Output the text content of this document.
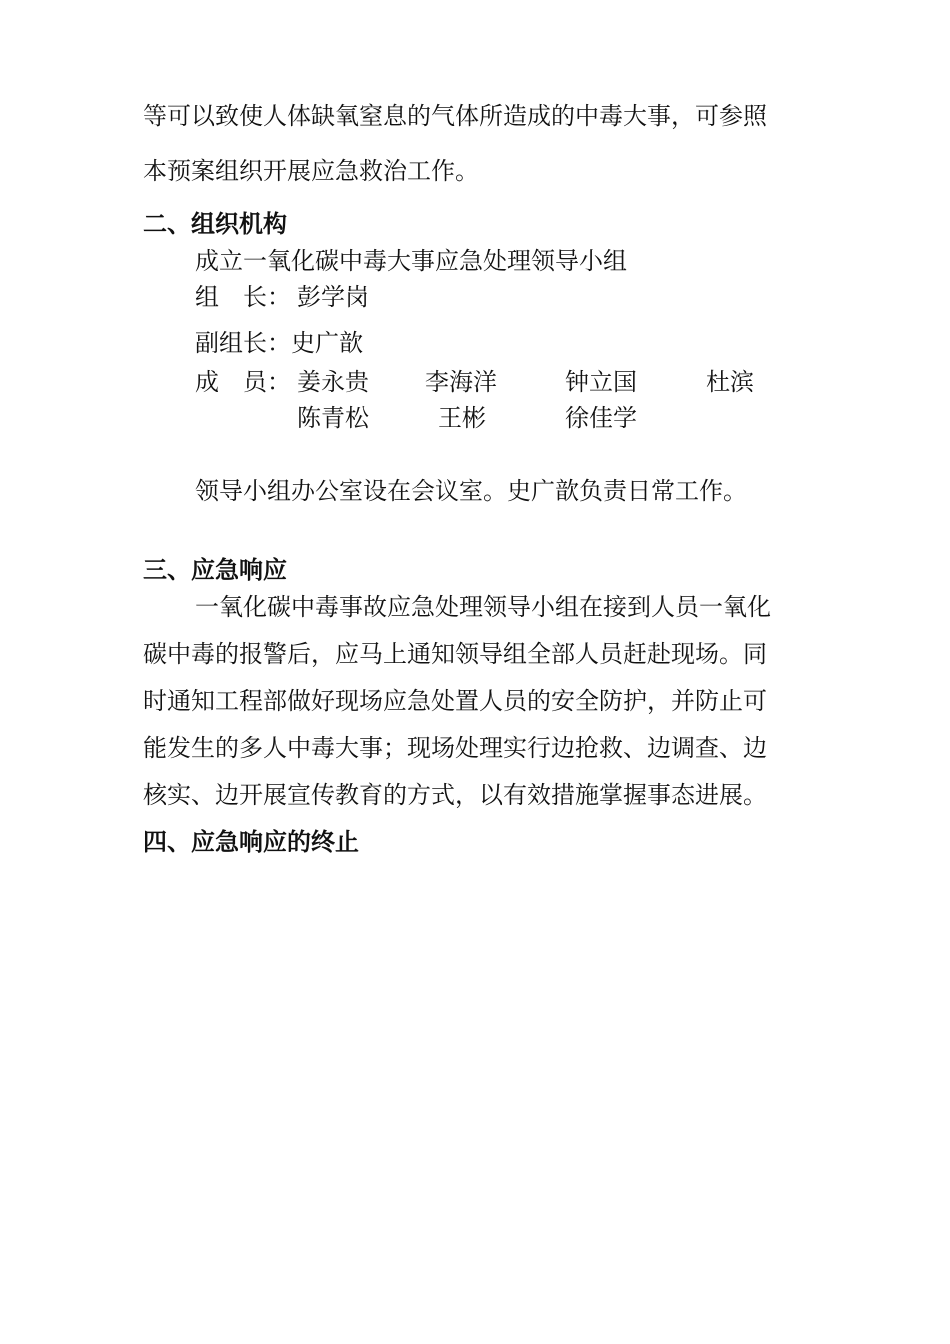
等可以致使人体缺氧窒息的气体所造成的中毒大事，可参照
本预案组织开展应急救治工作。
二、组织机构
成立一氧化碳中毒大事应急处理领导小组
组　长： 彭学岗
副组长： 史广歆
成　员： 姜永贵 李海洋	钟立国	杜滨
陈青松	王彬	徐佳学
领导小组办公室设在会议室。史广歆负责日常工作。
三、应急响应
一氧化碳中毒事故应急处理领导小组在接到人员一氧化
碳中毒的报警后，应马上通知领导组全部人员赶赴现场。同
时通知工程部做好现场应急处置人员的安全防护，并防止可
能发生的多人中毒大事；现场处理实行边抢救、边调查、边
核实、边开展宣传教育的方式，以有效措施掌握事态进展。
四、应急响应的终止
